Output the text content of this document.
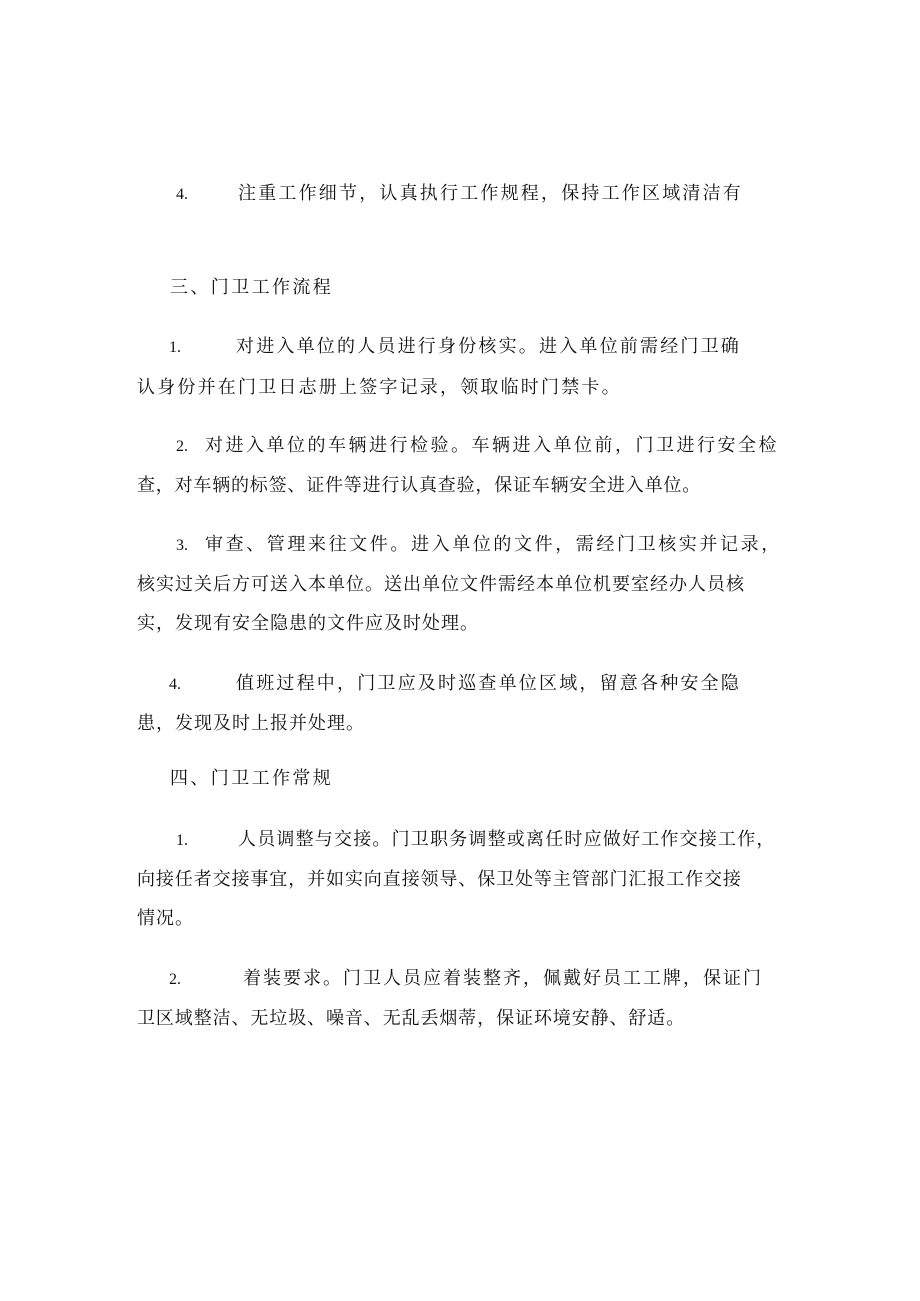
4.	注重工作细节，认真执行工作规程，保持工作区域清洁有
三、门卫工作流程
1.	对进入单位的人员进行身份核实。进入单位前需经门卫确
认身份并在门卫日志册上签字记录，领取临时门禁卡。
2. 对进入单位的车辆进行检验。车辆进入单位前，门卫进行安全检
查，对车辆的标签、证件等进行认真查验，保证车辆安全进入单位。
3. 审查、管理来往文件。进入单位的文件，需经门卫核实并记录，
核实过关后方可送入本单位。送出单位文件需经本单位机要室经办人员核
实，发现有安全隐患的文件应及时处理。
4.	值班过程中，门卫应及时巡查单位区域，留意各种安全隐
患，发现及时上报并处理。
四、门卫工作常规
1.	人员调整与交接。门卫职务调整或离任时应做好工作交接工作，
向接任者交接事宜，并如实向直接领导、保卫处等主管部门汇报工作交接
情况。
2.	着装要求。门卫人员应着装整齐，佩戴好员工工牌，保证门
卫区域整洁、无垃圾、噪音、无乱丢烟蒂，保证环境安静、舒适。
